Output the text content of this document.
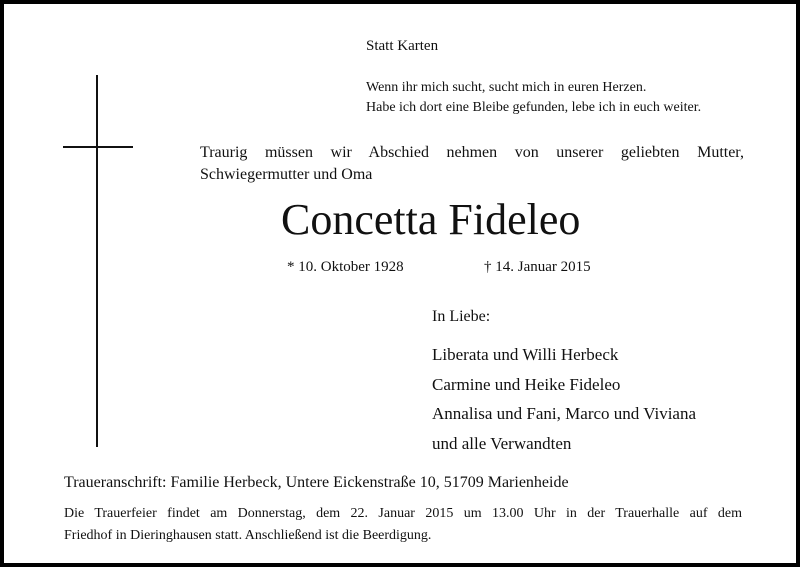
Statt Karten
Wenn ihr mich sucht, sucht mich in euren Herzen.
Habe ich dort eine Bleibe gefunden, lebe ich in euch weiter.
Traurig müssen wir Abschied nehmen von unserer geliebten Mutter,
Schwiegermutter und Oma
Concetta Fideleo
* 10. Oktober 1928	† 14. Januar 2015
In Liebe:
Liberata und Willi Herbeck
Carmine und Heike Fideleo
Annalisa und Fani, Marco und Viviana
und alle Verwandten
Traueranschrift: Familie Herbeck, Untere Eickenstraße 10, 51709 Marienheide
Die Trauerfeier findet am Donnerstag, dem 22. Januar 2015 um 13.00 Uhr in der Trauerhalle auf dem
Friedhof in Dieringhausen statt. Anschließend ist die Beerdigung.
